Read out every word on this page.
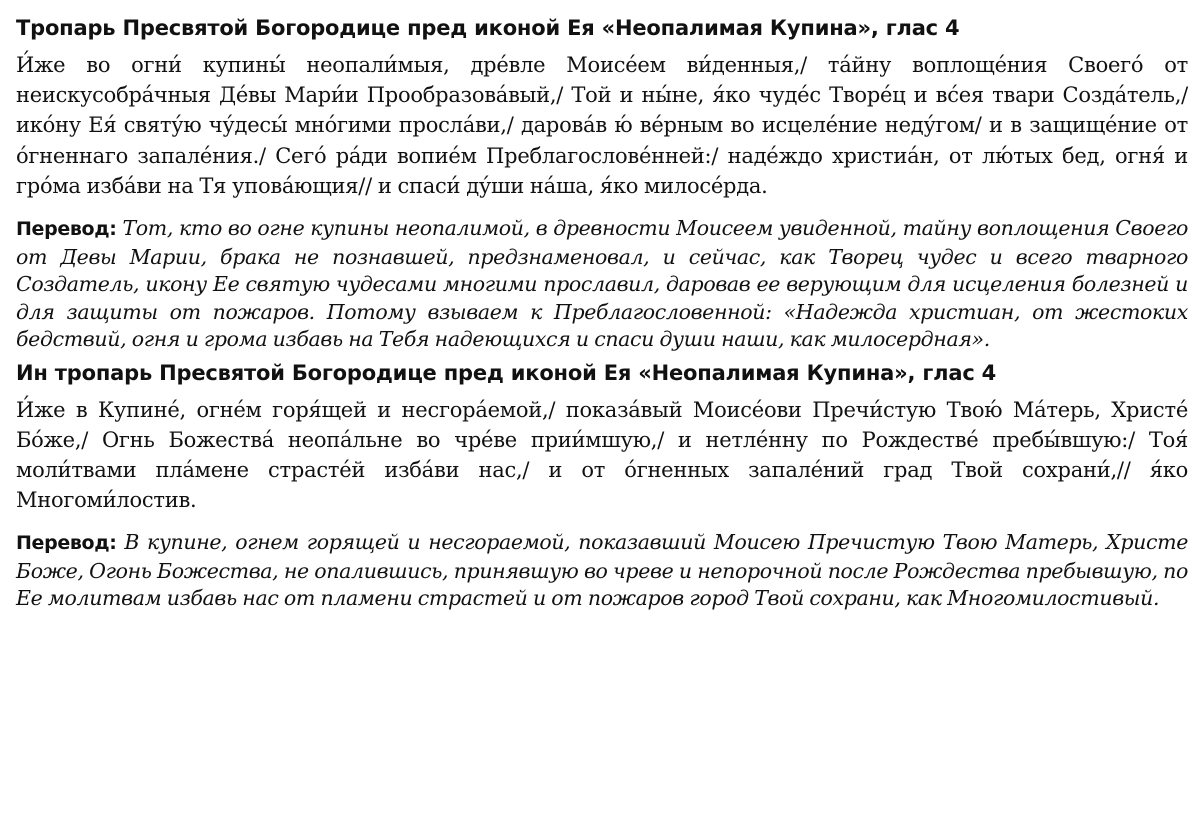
Тропарь Пресвятой Богородице пред иконой Ея «Неопалимая Купина», глас 4

И́же во огни́ купины́ неопали́мыя, дре́вле Моисе́ем ви́денныя,/ та́йну воплоще́ния Своего́ от неискусобра́чныя Де́вы Мари́и Прообразова́вый,/ Той и ны́не, я́ко чуде́с Творе́ц и вс́ея твари Созда́тель,/ ико́ну Ея́ святу́ю чу́десы́ мно́гими просла́ви,/ дарова́в ю́ ве́рным во исцеле́ние неду́гом/ и в защище́ние от о́гненнаго запале́ния./ Сего́ ра́ди вопие́м Преблагослове́нней:/ наде́ждо христиа́н, от лю́тых бед, огня́ и гро́ма изба́ви на Тя упова́ющия// и спаси́ ду́ши на́ша, я́ко милосе́рда.

Перевод: Тот, кто во огне купины неопалимой, в древности Моисеем увиденной, тайну воплощения Своего от Девы Марии, брака не познавшей, предзнаменовал, и сейчас, как Творец чудес и всего тварного Создатель, икону Ее святую чудесами многими прославил, даровав ее верующим для исцеления болезней и для защиты от пожаров. Потому взываем к Преблагословенной: «Надежда христиан, от жестоких бедствий, огня и грома избавь на Тебя надеющихся и спаси души наши, как милосердная».

Ин тропарь Пресвятой Богородице пред иконой Ея «Неопалимая Купина», глас 4

И́же в Купине́, огне́м горя́щей и несгора́емой,/ показа́вый Моисе́ови Пречи́стую Твою́ Ма́терь, Христе́ Бо́же,/ Огнь Божества́ неопа́льне во чре́ве прии́мшую,/ и нетле́нну по Рождестве́ пребы́вшую:/ Тоя́ моли́твами пла́мене страсте́й изба́ви нас,/ и от о́гненных запале́ний град Твой сохрани́,// я́ко Многоми́лостив.

Перевод: В купине, огнем горящей и несгораемой, показавший Моисею Пречистую Твою Матерь, Христе Боже, Огонь Божества, не опалившись, принявшую во чреве и непорочной после Рождества пребывшую, по Ее молитвам избавь нас от пламени страстей и от пожаров город Твой сохрани, как Многомилостивый.
